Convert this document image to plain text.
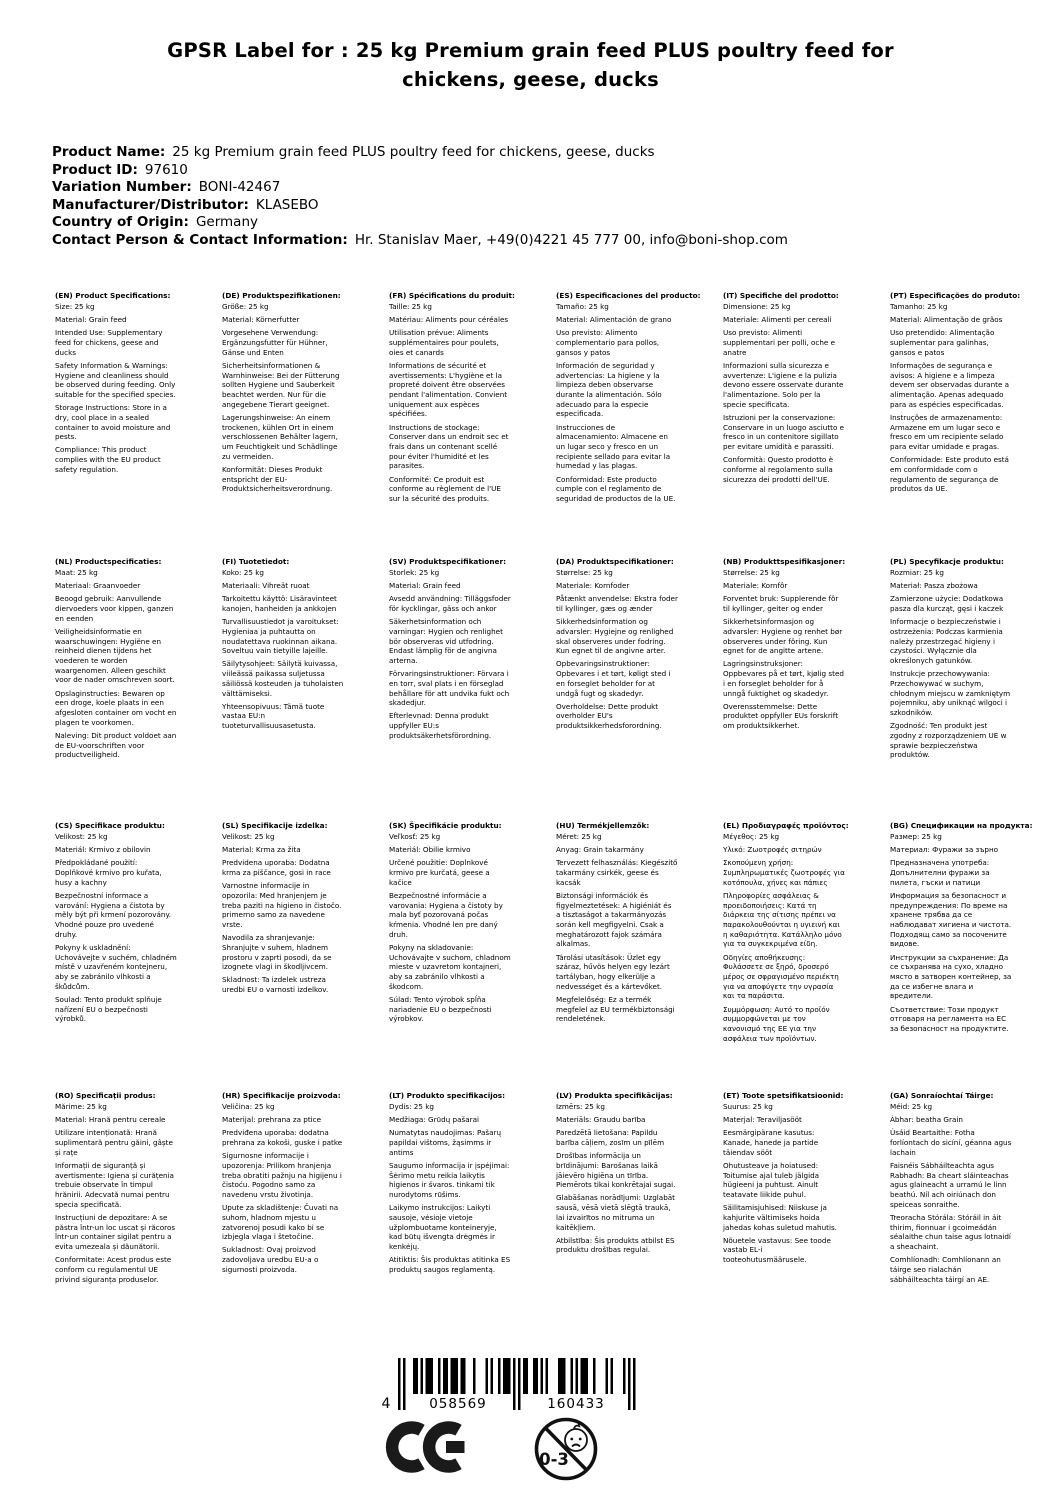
GPSR Label for : 25 kg Premium grain feed PLUS poultry feed for chickens, geese, ducks
Product Name: 25 kg Premium grain feed PLUS poultry feed for chickens, geese, ducks
Product ID: 97610
Variation Number: BONI-42467
Manufacturer/Distributor: KLASEBO
Country of Origin: Germany
Contact Person & Contact Information: Hr. Stanislav Maer, +49(0)4221 45 777 00, info@boni-shop.com
(EN) Product Specifications:

Size: 25 kg

Material: Grain feed

Intended Use: Supplementary feed for chickens, geese and ducks

Safety Information & Warnings: Hygiene and cleanliness should be observed during feeding. Only suitable for the specified species.

Storage Instructions: Store in a dry, cool place in a sealed container to avoid moisture and pests.

Compliance: This product complies with the EU product safety regulation.

(DE) Produktspezifikationen:

Größe: 25 kg

Material: Körnerfutter

Vorgesehene Verwendung: Ergänzungsfutter für Hühner, Gänse und Enten

Sicherheitsinformationen & Warnhinweise: Bei der Fütterung sollten Hygiene und Sauberkeit beachtet werden. Nur für die angegebene Tierart geeignet.

Lagerungshinweise: An einem trockenen, kühlen Ort in einem verschlossenen Behälter lagern, um Feuchtigkeit und Schädlinge zu vermeiden.

Konformität: Dieses Produkt entspricht der EU-Produktsicherheitsverordnung.

(FR) Spécifications du produit:

Taille: 25 kg

Matériau: Aliments pour céréales

Utilisation prévue: Aliments supplémentaires pour poulets, oies et canards

Informations de sécurité et avertissements: L'hygiène et la propreté doivent être observées pendant l'alimentation. Convient uniquement aux espèces spécifiées.

Instructions de stockage: Conserver dans un endroit sec et frais dans un contenant scellé pour éviter l'humidité et les parasites.

Conformité: Ce produit est conforme au règlement de l'UE sur la sécurité des produits.

(ES) Especificaciones del producto:

Tamaño: 25 kg

Material: Alimentación de grano

Uso previsto: Alimento complementario para pollos, gansos y patos

Información de seguridad y advertencias: La higiene y la limpieza deben observarse durante la alimentación. Sólo adecuado para la especie especificada.

Instrucciones de almacenamiento: Almacene en un lugar seco y fresco en un recipiente sellado para evitar la humedad y las plagas.

Conformidad: Este producto cumple con el reglamento de seguridad de productos de la UE.

(IT) Specifiche del prodotto:

Dimensione: 25 kg

Materiale: Alimenti per cereali

Uso previsto: Alimenti supplementari per polli, oche e anatre

Informazioni sulla sicurezza e avvertenze: L'igiene e la pulizia devono essere osservate durante l'alimentazione. Solo per la specie specificata.

Istruzioni per la conservazione: Conservare in un luogo asciutto e fresco in un contenitore sigillato per evitare umidità e parassiti.

Conformità: Questo prodotto è conforme al regolamento sulla sicurezza dei prodotti dell'UE.

(PT) Especificações do produto:

Tamanho: 25 kg

Material: Alimentação de grãos

Uso pretendido: Alimentação suplementar para galinhas, gansos e patos

Informações de segurança e avisos: A higiene e a limpeza devem ser observadas durante a alimentação. Apenas adequado para as espécies especificadas.

Instruções de armazenamento: Armazene em um lugar seco e fresco em um recipiente selado para evitar umidade e pragas.

Conformidade: Este produto está em conformidade com o regulamento de segurança de produtos da UE.

(NL) Productspecificaties:

Maat: 25 kg

Materiaal: Graanvoeder

Beoogd gebruik: Aanvullende diervoeders voor kippen, ganzen en eenden

Veiligheidsinformatie en waarschuwingen: Hygiëne en reinheid dienen tijdens het voederen te worden waargenomen. Alleen geschikt voor de nader omschreven soort.

Opslaginstructies: Bewaren op een droge, koele plaats in een afgesloten container om vocht en plagen te voorkomen.

Naleving: Dit product voldoet aan de EU-voorschriften voor productveiligheid.

(FI) Tuotetiedot:

Koko: 25 kg

Materiaali: Vihreät ruoat

Tarkoitettu käyttö: Lisäravinteet kanojen, hanheiden ja ankkojen

Turvallisuustiedot ja varoitukset: Hygieniaa ja puhtautta on noudatettava ruokinnan aikana. Soveltuu vain tietyille lajeille.

Säilytysohjeet: Säilytä kuivassa, viileässä paikassa suljetussa säiliössä kosteuden ja tuholaisten välttämiseksi.

Yhteensopivuus: Tämä tuote vastaa EU:n tuoteturvallisuusasetusta.

(SV) Produktspecifikationer:

Storlek: 25 kg

Material: Grain feed

Avsedd användning: Tilläggsfoder för kycklingar, gäss och ankor

Säkerhetsinformation och varningar: Hygien och renlighet bör observeras vid utfodring. Endast lämplig för de angivna arterna.

Förvaringsinstruktioner: Förvara i en torr, sval plats i en förseglad behållare för att undvika fukt och skadedjur.

Efterlevnad: Denna produkt uppfyller EU:s produktsäkerhetsförordning.

(DA) Produktspecifikationer:

Størrelse: 25 kg

Materiale: Kornfoder

Påtænkt anvendelse: Ekstra foder til kyllinger, gæs og ænder

Sikkerhedsinformation og advarsler: Hygiejne og renlighed skal observeres under fodring. Kun egnet til de angivne arter.

Opbevaringsinstruktioner: Opbevares i et tørt, køligt sted i en forseglet beholder for at undgå fugt og skadedyr.

Overholdelse: Dette produkt overholder EU's produktsikkerhedsforordning.

(NB) Produkttspesifikasjoner:

Størrelse: 25 kg

Materiale: Kornfôr

Forventet bruk: Supplerende fôr til kyllinger, geiter og ender

Sikkerhetsinformasjon og advarsler: Hygiene og renhet bør observeres under fôring. Kun egnet for de angitte artene.

Lagringsinstruksjoner: Oppbevares på et tørt, kjølig sted i en forseglet beholder for å unngå fuktighet og skadedyr.

Overensstemmelse: Dette produktet oppfyller EUs forskrift om produktsikkerhet.

(PL) Specyfikacje produktu:

Rozmiar: 25 kg

Materiał: Pasza zbożowa

Zamierzone użycie: Dodatkowa pasza dla kurcząt, gęsi i kaczek

Informacje o bezpieczeństwie i ostrzeżenia: Podczas karmienia należy przestrzegać higieny i czystości. Wyłącznie dla określonych gatunków.

Instrukcje przechowywania: Przechowywać w suchym, chłodnym miejscu w zamkniętym pojemniku, aby uniknąć wilgoci i szkodników.

Zgodność: Ten produkt jest zgodny z rozporządzeniem UE w sprawie bezpieczeństwa produktów.

(CS) Specifikace produktu:

Velikost: 25 kg

Materiál: Krmivo z obilovin

Předpokládané použití: Doplňkové krmivo pro kuřata, husy a kachny

Bezpečnostní informace a varování: Hygiena a čistota by měly být při krmení pozorovány. Vhodné pouze pro uvedené druhy.

Pokyny k uskladnění: Uchovávejte v suchém, chladném místě v uzavřeném kontejneru, aby se zabránilo vlhkosti a škůdcům.

Soulad: Tento produkt splňuje nařízení EU o bezpečnosti výrobků.

(SL) Specifikacije izdelka:

Velikost: 25 kg

Material: Krma za žita

Predvidena uporaba: Dodatna krma za piščance, gosi in race

Varnostne informacije in opozorila: Med hranjenjem je treba paziti na higieno in čistočo. primerno samo za navedene vrste.

Navodila za shranjevanje: Shranjujte v suhem, hladnem prostoru v zaprti posodi, da se izognete vlagi in škodljivcem.

Skladnost: Ta izdelek ustreza uredbi EU o varnosti izdelkov.

(SK) Špecifikácie produktu:

Veľkosť: 25 kg

Materiál: Obilie krmivo

Určené použitie: Doplnkové krmivo pre kurčatá, geese a kačice

Bezpečnostné informácie a varovania: Hygiena a čistoty by mala byť pozorovaná počas kŕmenia. Vhodné len pre daný druh.

Pokyny na skladovanie: Uchovávajte v suchom, chladnom mieste v uzavretom kontajneri, aby sa zabránilo vlhkosti a škodcom.

Súlad: Tento výrobok spĺňa nariadenie EU o bezpečnosti výrobkov.

(HU) Termékjellemzők:

Méret: 25 kg

Anyag: Grain takarmány

Tervezett felhasználás: Kiegészítő takarmány csirkék, geese és kacsák

Biztonsági információk és figyelmeztetések: A higiéniát és a tisztaságot a takarmányozás során kell megfigyelni. Csak a meghatározott fajok számára alkalmas.

Tárolási utasítások: Üzlet egy száraz, hűvös helyen egy lezárt tartályban, hogy elkerülje a nedvességet és a kártevőket.

Megfelelőség: Ez a termék megfelel az EU termékbiztonsági rendeletének.

(EL) Προδιαγραφές προϊόντος:

Μέγεθος: 25 kg

Υλικό: Ζωοτροφές σιτηρών

Σκοπούμενη χρήση: Συμπληρωματικές ζωοτροφές για κοτόπουλα, χήνες και πάπιες

Πληροφορίες ασφάλειας & προειδοποιήσεις: Κατά τη διάρκεια της σίτισης πρέπει να παρακολουθούνται η υγιεινή και η καθαριότητα. Κατάλληλο μόνο για τα συγκεκριμένα είδη.

Οδηγίες αποθήκευσης: Φυλάσσετε σε ξηρό, δροσερό μέρος σε σφραγισμένο περιέκτη για να αποφύγετε την υγρασία και τα παράσιτα.

Συμμόρφωση: Αυτό το προϊόν συμμορφώνεται με τον κανονισμό της ΕΕ για την ασφάλεια των προϊόντων.

(BG) Спецификации на продукта:

Размер: 25 kg

Материал: Фуражи за зърно

Предназначена употреба: Допълнителни фуражи за пилета, гъски и патици

Информация за безопасност и предупреждения: По време на хранене трябва да се наблюдават хигиена и чистота. Подходящ само за посочените видове.

Инструкции за съхранение: Да се съхранява на сухо, хладно място в затворен контейнер, за да се избегне влага и вредители.

Съответствие: Този продукт отговаря на регламента на ЕС за безопасност на продуктите.

(RO) Specificații produs:

Mărime: 25 kg

Material: Hrană pentru cereale

Utilizare intenționată: Hrană suplimentară pentru găini, gâște și rațe

Informații de siguranță și avertismente: Igiena și curățenia trebuie observate în timpul hrănirii. Adecvată numai pentru specia specificată.

Instrucțiuni de depozitare: A se păstra într-un loc uscat și răcoros într-un container sigilat pentru a evita umezeala și dăunătorii.

Conformitate: Acest produs este conform cu regulamentul UE privind siguranța produselor.

(HR) Specifikacije proizvoda:

Veličina: 25 kg

Materijal: prehrana za ptice

Predviđena uporaba: dodatna prehrana za kokoši, guske i patke

Sigurnosne informacije i upozorenja: Prilikom hranjenja treba obratiti pažnju na higijenu i čistoću. Pogodno samo za navedenu vrstu životinja.

Upute za skladištenje: Čuvati na suhom, hladnom mjestu u zatvorenoj posudi kako bi se izbjegla vlaga i štetočine.

Sukladnost: Ovaj proizvod zadovoljava uredbu EU-a o sigurnosti proizvoda.

(LT) Produkto specifikacijos:

Dydis: 25 kg

Medžiaga: Grūdų pašarai

Numatytas naudojimas: Pašarų papildai vištoms, žąsimms ir antims

Saugumo informacija ir įspėjimai: Šėrimo metu reikia laikytis higienos ir švaros. tinkami tik nurodytoms rūšims.

Laikymo instrukcijos: Laikyti sausoje, vėsioje vietoje užplombuotame konteineryje, kad būtų išvengta drėgmės ir kenkėjų.

Atitiktis: Šis produktas atitinka ES produktų saugos reglamentą.

(LV) Produkta specifikācijas:

Izmērs: 25 kg

Materiāls: Graudu barība

Paredzētā lietošana: Papildu barība cāļiem, zosīm un pīlēm

Drošības informācija un brīdinājumi: Barošanas laikā jāievēro higiēna un tīrība. Piemērots tikai konkrētajai sugai.

Glabāšanas norādījumi: Uzglabāt sausā, vēsā vietā slēgtā traukā, lai izvairītos no mitruma un kaitēkļiem.

Atbilstība: Šis produkts atbilst ES produktu drošības regulai.

(ET) Toote spetsifikatsioonid:

Suurus: 25 kg

Materjal: Teraviljasööt

Eesmärgipärane kasutus: Kanade, hanede ja partide täiendav sööt

Ohutusteave ja hoiatused: Toitumise ajal tuleb jälgida hügieeni ja puhtust. Ainult teatavate liikide puhul.

Säilitamisjuhised: Niiskuse ja kahjurite vältimiseks hoida jahedas kohas suletud mahutis.

Nõuetele vastavus: See toode vastab EL-i tooteohutusmäärusele.

(GA) Sonraíochtaí Táirge:

Méid: 25 kg

Ábhar: beatha Grain

Úsáid Beartaithe: Fotha forlíontach do sicíní, géanna agus lachain

Faisnéis Sábháilteachta agus Rabhadh: Ba cheart sláinteachas agus glaineacht a urramú le linn beathú. Níl ach oiriúnach don speiceas sonraithe.

Treoracha Stórála: Stóráil in áit thirim, fionnuar i gcoimeádán séalaithe chun taise agus lotnaidí a sheachaint.

Comhlíonadh: Comhlíonann an táirge seo rialachán sábháilteachta táirgí an AE.

4	058569	160433
0-3
